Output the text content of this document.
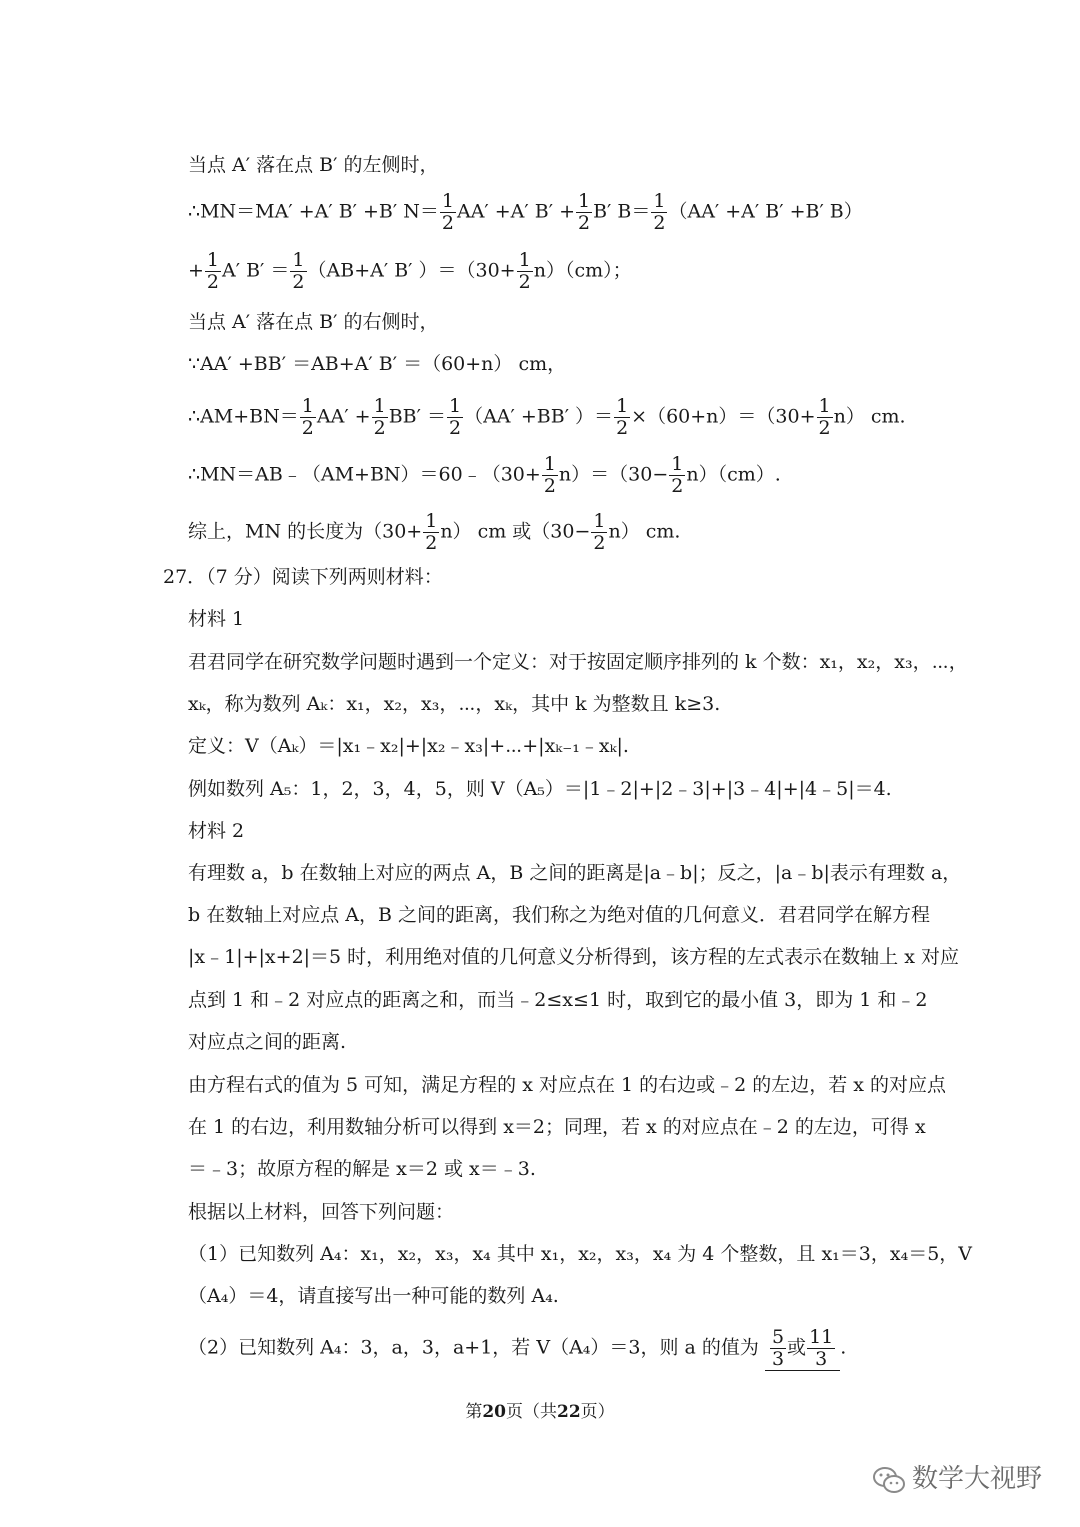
当点 A′ 落在点 B′ 的左侧时，
∴MN＝MA′ +A′ B′ +B′ $N= \frac{1}{2} AA' +A'$ $B' + \frac{1}{2} B'$ $B= \frac{1}{2} (AA' +A'$ B′ +B′ B）
+ $\frac{1}{2} A'$ $B' = \frac{1}{2} (AB+A'$ B′ ）$=(30+ \frac{1}{2} n)(cm)$；
当点 A′ 落在点 B′ 的右侧时，
∵AA′ +BB′ ＝AB+A′ B′ ＝（60+n） cm，
∴AM+BN＝ $\frac{1}{2} AA' + \frac{1}{2} BB' = \frac{1}{2} (AA' +BB'$ ）＝ $\frac{1}{2} \times(60+n)=(30+ \frac{1}{2} n)$ cm.
∴MN＝AB﹣（AM+BN）＝60﹣（30+ $\frac{1}{2} n)=(30- \frac{1}{2} n)(cm)$.
综上，MN 的长度为$(30+ \frac{1}{2} n)$ cm 或$(30- \frac{1}{2} n)$ cm.
27．（7 分）阅读下列两则材料：
材料 1
君君同学在研究数学问题时遇到一个定义：对于按固定顺序排列的 k 个数：x₁，x₂，x₃，⋯，
xₖ，称为数列 Aₖ：x₁，x₂，x₃，⋯，xₖ，其中 k 为整数且 k≥3.
定义：V（Aₖ）＝|x₁﹣x₂|+|x₂﹣x₃|+⋯+|xₖ₋₁﹣xₖ|.
例如数列 A₅：1，2，3，4，5，则 V（A₅）＝|1﹣2|+|2﹣3|+|3﹣4|+|4﹣5|＝4.
材料 2
有理数 a，b 在数轴上对应的两点 A，B 之间的距离是|a﹣b|；反之，|a﹣b|表示有理数 a，
b 在数轴上对应点 A，B 之间的距离，我们称之为绝对值的几何意义．君君同学在解方程
|x﹣1|+|x+2|＝5 时，利用绝对值的几何意义分析得到，该方程的左式表示在数轴上 x 对应
点到 1 和﹣2 对应点的距离之和，而当﹣2≤x≤1 时，取到它的最小值 3，即为 1 和﹣2
对应点之间的距离.
由方程右式的值为 5 可知，满足方程的 x 对应点在 1 的右边或﹣2 的左边，若 x 的对应点
在 1 的右边，利用数轴分析可以得到 x＝2；同理，若 x 的对应点在﹣2 的左边，可得 x
＝﹣3；故原方程的解是 x＝2 或 x＝﹣3.
根据以上材料，回答下列问题：
（1）已知数列 A₄：x₁，x₂，x₃，x₄ 其中 x₁，x₂，x₃，x₄ 为 4 个整数，且 x₁＝3，x₄＝5，V
（A₄）＝4，请直接写出一种可能的数列 A₄.
（2）已知数列 A₄：3，a，3，a+1，若 V（A₄）＝3，则 a 的值为 $\frac{5}{3}$ 或 $\frac{11}{3}$ .
第20页（共22页）
数学大视野
